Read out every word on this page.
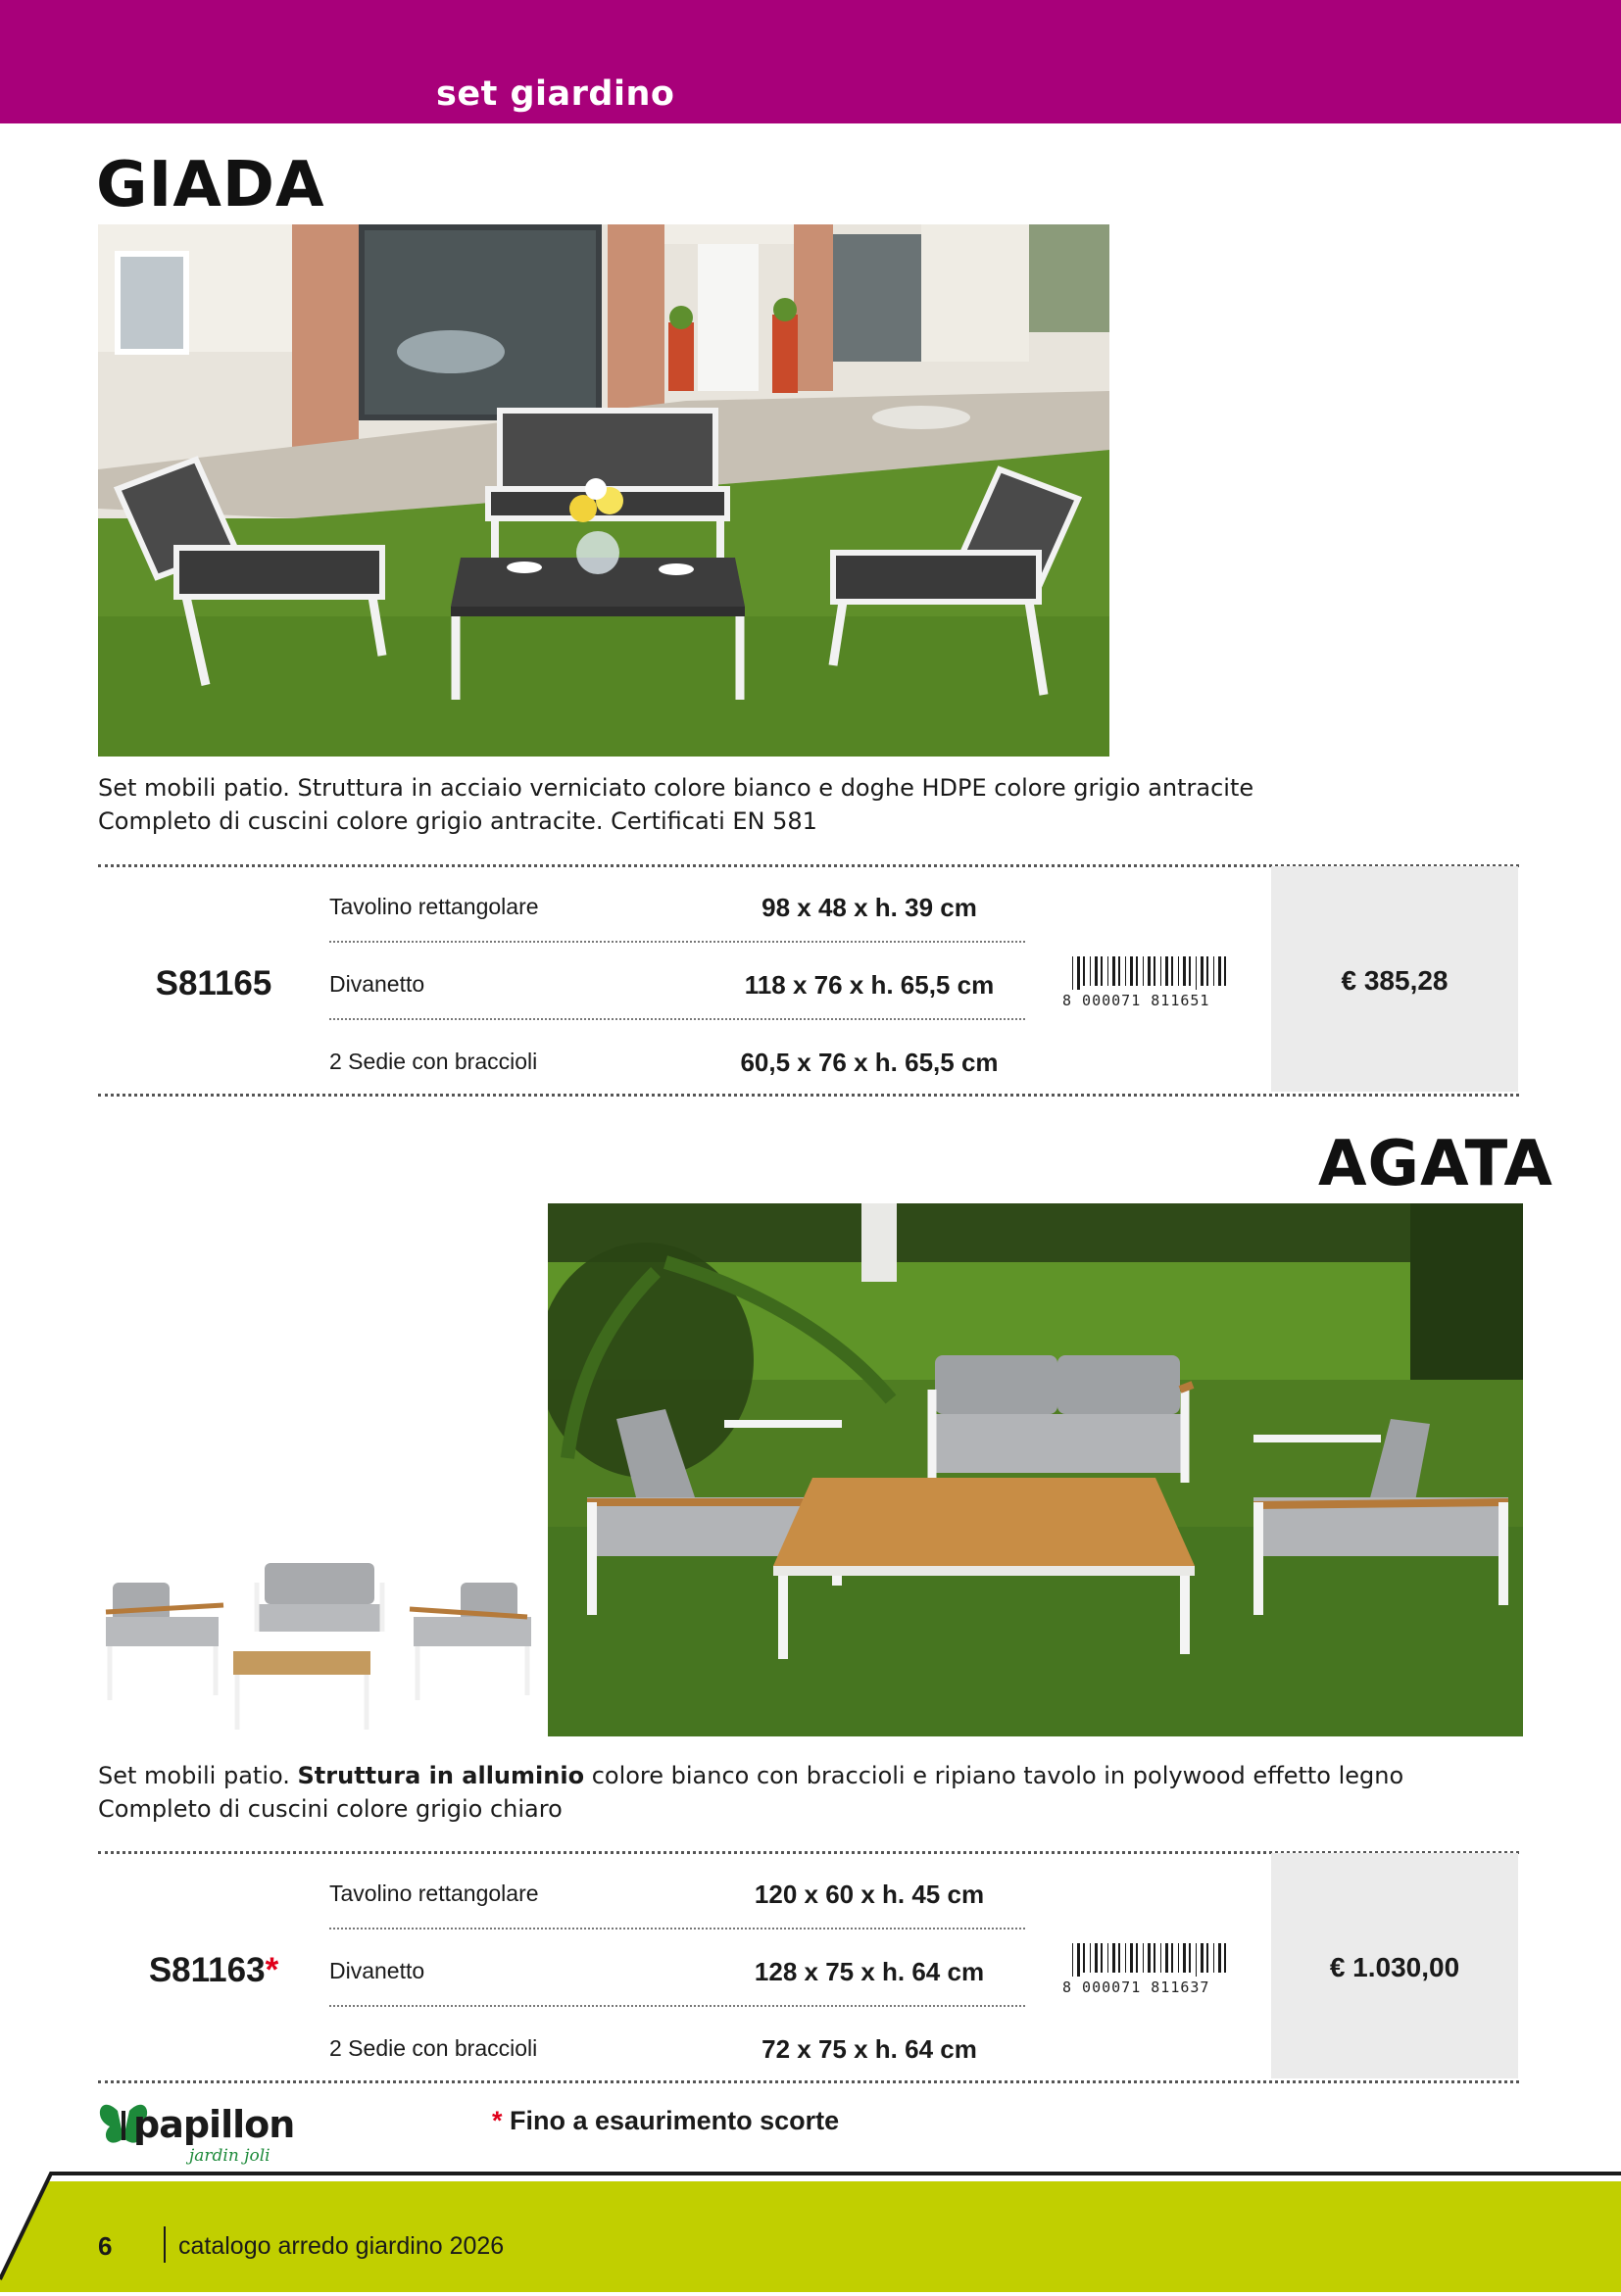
set giardino
GIADA
Set mobili patio. Struttura in acciaio verniciato colore bianco e doghe HDPE colore grigio antracite
Completo di cuscini colore grigio antracite. Certificati EN 581
Tavolino rettangolare	98 x 48 x h. 39 cm
S81165	Divanetto	118 x 76 x h. 65,5 cm
2 Sedie con braccioli	60,5 x 76 x h. 65,5 cm
8 000071 811651
€ 385,28
AGATA
Set mobili patio. Struttura in alluminio colore bianco con braccioli e ripiano tavolo in polywood effetto legno
Completo di cuscini colore grigio chiaro
Tavolino rettangolare	120 x 60 x h. 45 cm
S81163*	Divanetto	128 x 75 x h. 64 cm
2 Sedie con braccioli	72 x 75 x h. 64 cm
8 000071 811637
€ 1.030,00
papillon
jardin joli
* Fino a esaurimento scorte
6	catalogo arredo giardino 2026
